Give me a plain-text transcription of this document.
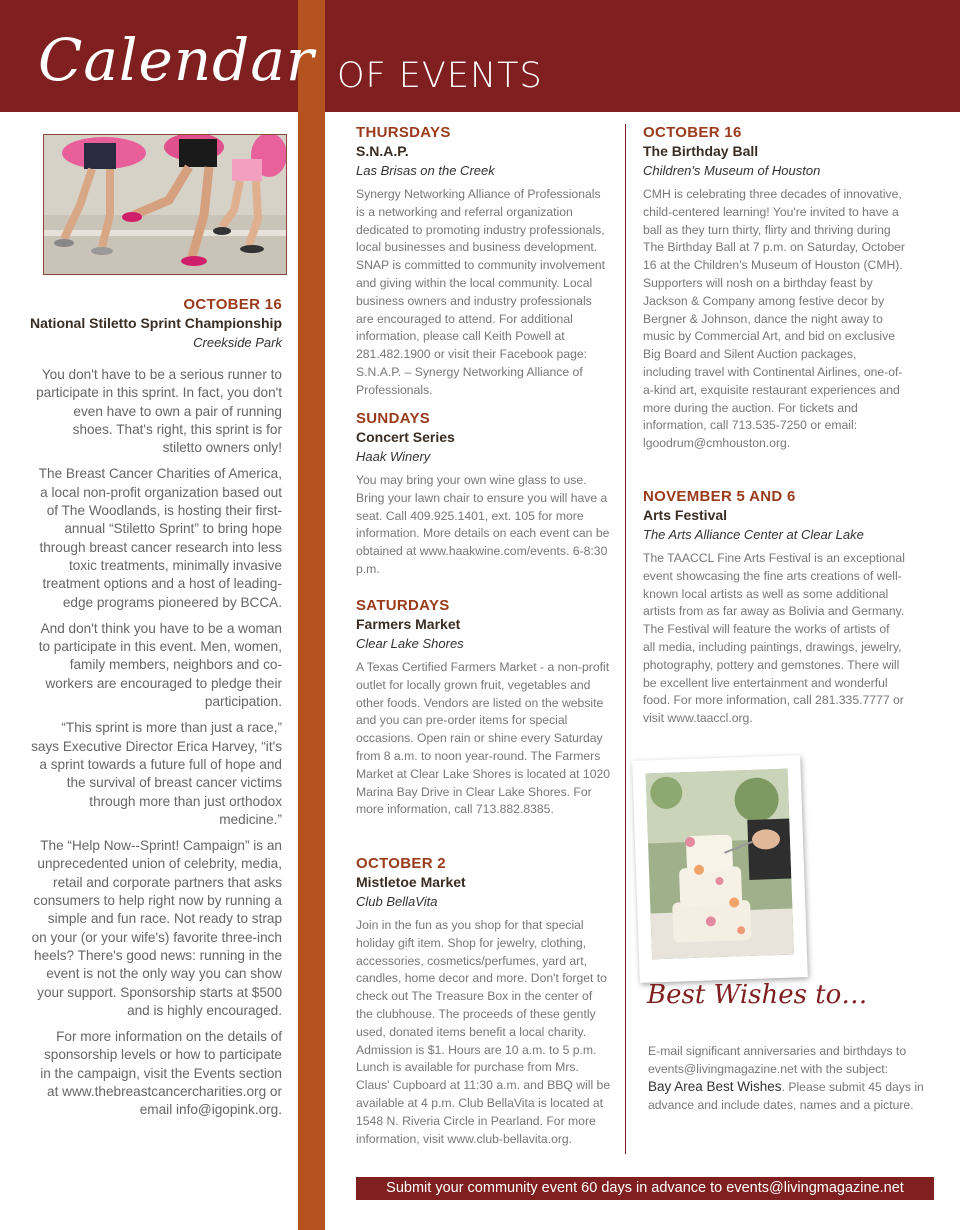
Calendar OF EVENTS
OCTOBER 16
National Stiletto Sprint Championship
Creekside Park

You don't have to be a serious runner to participate in this sprint. In fact, you don't even have to own a pair of running shoes. That's right, this sprint is for stiletto owners only!

The Breast Cancer Charities of America, a local non-profit organization based out of The Woodlands, is hosting their first-annual “Stiletto Sprint” to bring hope through breast cancer research into less toxic treatments, minimally invasive treatment options and a host of leading-edge programs pioneered by BCCA.

And don't think you have to be a woman to participate in this event. Men, women, family members, neighbors and co-workers are encouraged to pledge their participation.

“This sprint is more than just a race,” says Executive Director Erica Harvey, “it's a sprint towards a future full of hope and the survival of breast cancer victims through more than just orthodox medicine.”

The “Help Now--Sprint! Campaign” is an unprecedented union of celebrity, media, retail and corporate partners that asks consumers to help right now by running a simple and fun race. Not ready to strap on your (or your wife's) favorite three-inch heels? There's good news: running in the event is not the only way you can show your support. Sponsorship starts at $500 and is highly encouraged.

For more information on the details of sponsorship levels or how to participate in the campaign, visit the Events section at www.thebreastcancercharities.org or email info@igopink.org.

THURSDAYS
S.N.A.P.
Las Brisas on the Creek

Synergy Networking Alliance of Professionals is a networking and referral organization dedicated to promoting industry professionals, local businesses and business development. SNAP is committed to community involvement and giving within the local community. Local business owners and industry professionals are encouraged to attend. For additional information, please call Keith Powell at 281.482.1900 or visit their Facebook page: S.N.A.P. – Synergy Networking Alliance of Professionals.

SUNDAYS
Concert Series
Haak Winery

You may bring your own wine glass to use. Bring your lawn chair to ensure you will have a seat. Call 409.925.1401, ext. 105 for more information. More details on each event can be obtained at www.haakwine.com/events. 6-8:30 p.m.

SATURDAYS
Farmers Market
Clear Lake Shores

A Texas Certified Farmers Market - a non-profit outlet for locally grown fruit, vegetables and other foods. Vendors are listed on the website and you can pre-order items for special occasions. Open rain or shine every Saturday from 8 a.m. to noon year-round. The Farmers Market at Clear Lake Shores is located at 1020 Marina Bay Drive in Clear Lake Shores. For more information, call 713.882.8385.

OCTOBER 2
Mistletoe Market
Club BellaVita

Join in the fun as you shop for that special holiday gift item. Shop for jewelry, clothing, accessories, cosmetics/perfumes, yard art, candles, home decor and more. Don't forget to check out The Treasure Box in the center of the clubhouse. The proceeds of these gently used, donated items benefit a local charity. Admission is $1. Hours are 10 a.m. to 5 p.m. Lunch is available for purchase from Mrs. Claus' Cupboard at 11:30 a.m. and BBQ will be available at 4 p.m. Club BellaVita is located at 1548 N. Riveria Circle in Pearland. For more information, visit www.club-bellavita.org.

OCTOBER 16
The Birthday Ball
Children's Museum of Houston

CMH is celebrating three decades of innovative, child-centered learning! You're invited to have a ball as they turn thirty, flirty and thriving during The Birthday Ball at 7 p.m. on Saturday, October 16 at the Children's Museum of Houston (CMH). Supporters will nosh on a birthday feast by Jackson & Company among festive decor by Bergner & Johnson, dance the night away to music by Commercial Art, and bid on exclusive Big Board and Silent Auction packages, including travel with Continental Airlines, one-of-a-kind art, exquisite restaurant experiences and more during the auction. For tickets and information, call 713.535-7250 or email: lgoodrum@cmhouston.org.

NOVEMBER 5 AND 6
Arts Festival
The Arts Alliance Center at Clear Lake

The TAACCL Fine Arts Festival is an exceptional event showcasing the fine arts creations of well-known local artists as well as some additional artists from as far away as Bolivia and Germany. The Festival will feature the works of artists of all media, including paintings, drawings, jewelry, photography, pottery and gemstones. There will be excellent live entertainment and wonderful food. For more information, call 281.335.7777 or visit www.taaccl.org.

Best Wishes to…
E-mail significant anniversaries and birthdays to events@livingmagazine.net with the subject:
Bay Area Best Wishes. Please submit 45 days in advance and include dates, names and a picture.
Submit your community event 60 days in advance to events@livingmagazine.net
